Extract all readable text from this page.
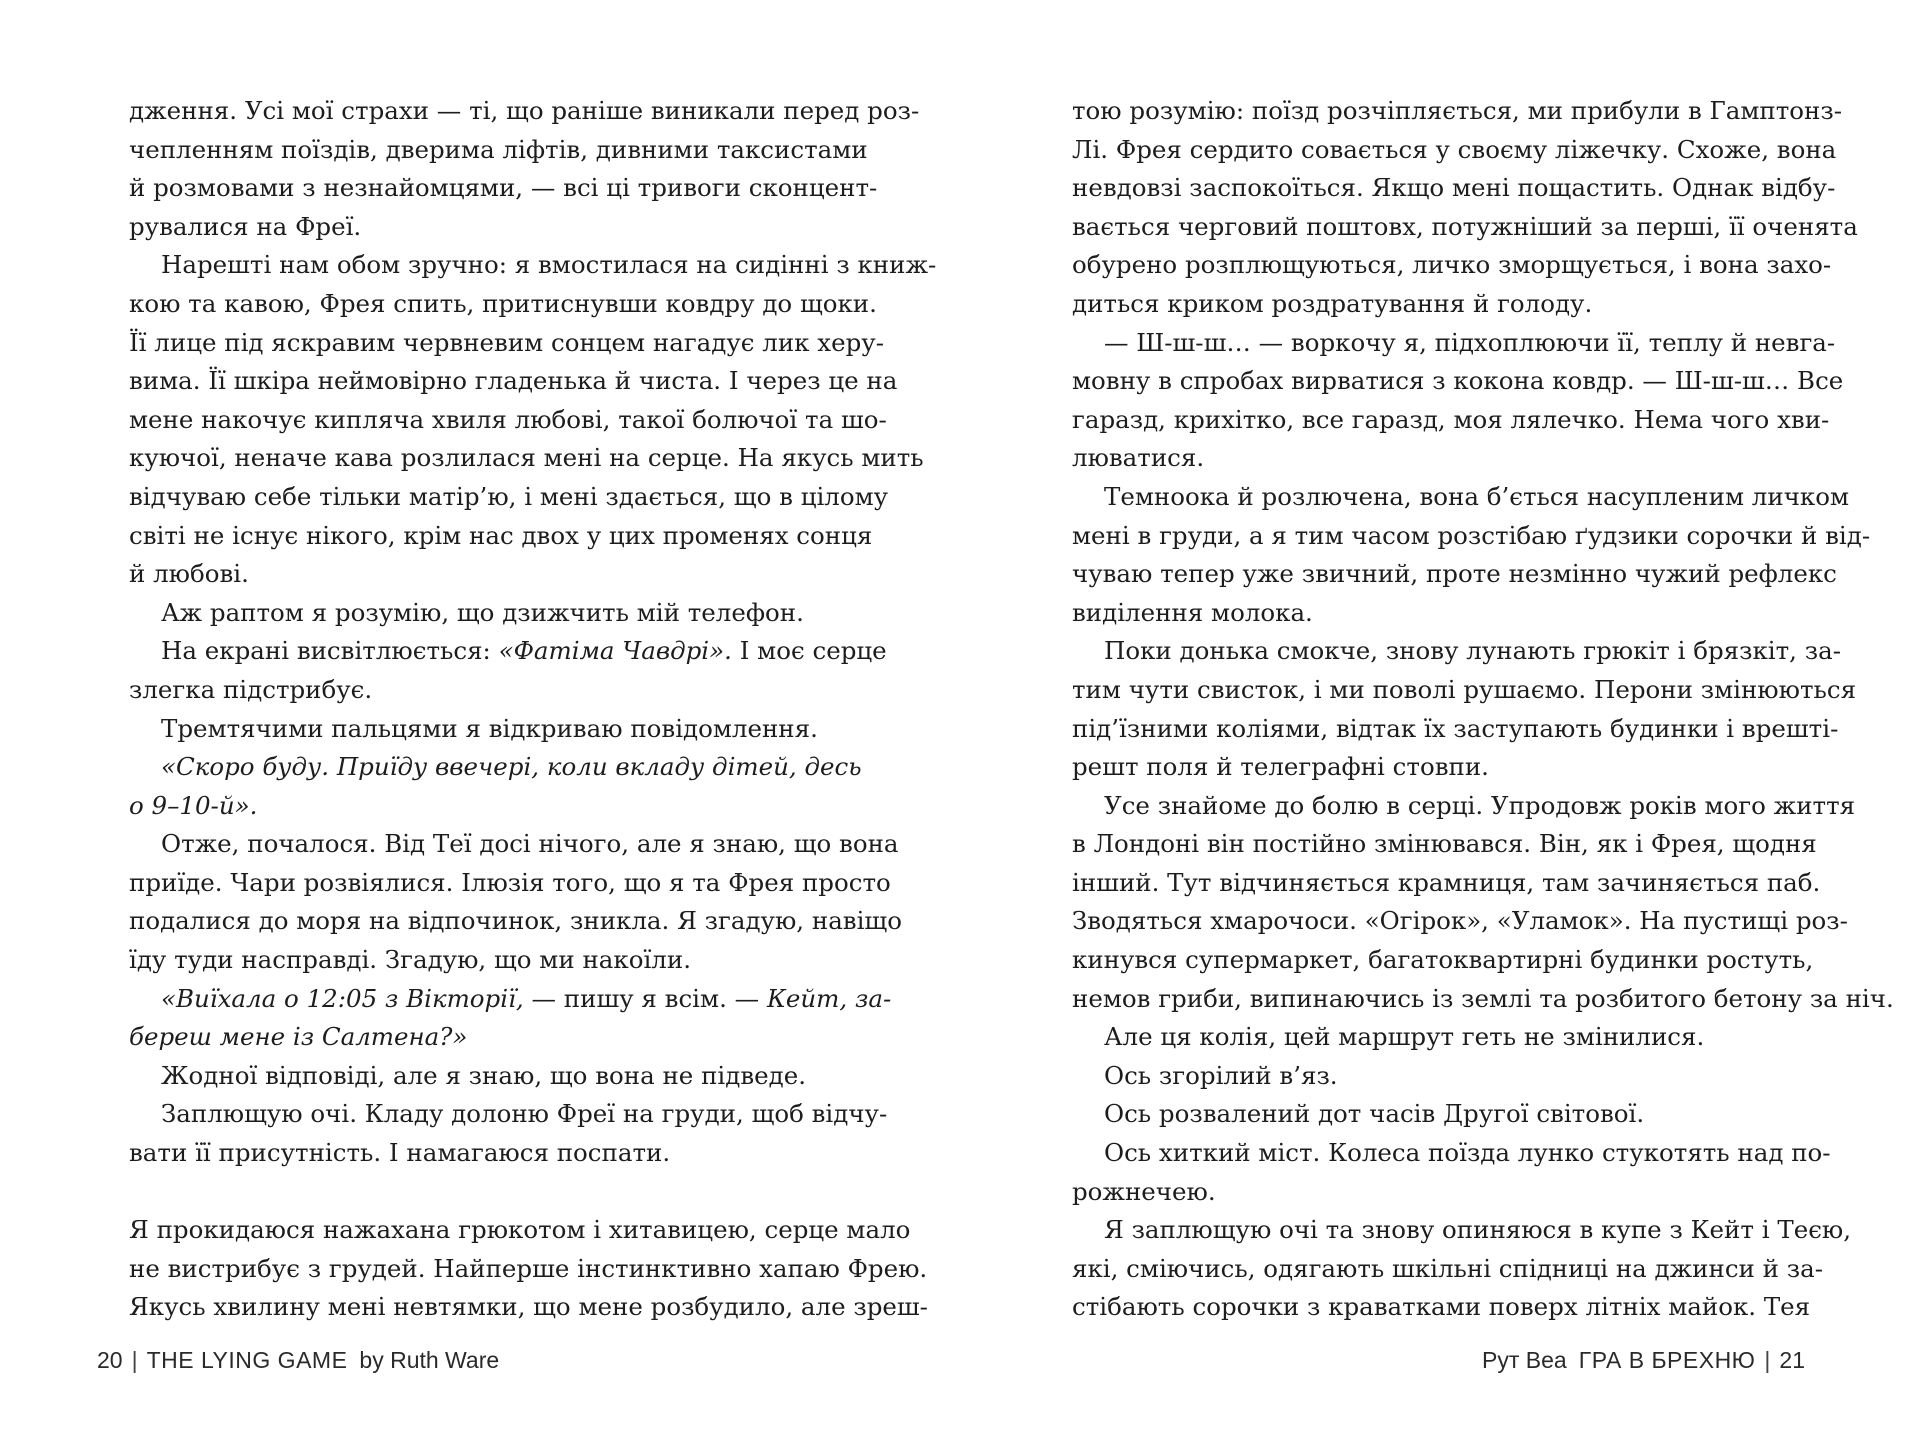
дження. Усі мої страхи — ті, що раніше виникали перед роз-
чепленням поїздів, дверима ліфтів, дивними таксистами
й розмовами з незнайомцями, — всі ці тривоги сконцент-
рувалися на Фреї.
Нарешті нам обом зручно: я вмостилася на сидінні з книж-
кою та кавою, Фрея спить, притиснувши ковдру до щоки.
Її лице під яскравим червневим сонцем нагадує лик херу-
вима. Її шкіра неймовірно гладенька й чиста. І через це на
мене накочує кипляча хвиля любові, такої болючої та шо-
куючої, неначе кава розлилася мені на серце. На якусь мить
відчуваю себе тільки матір’ю, і мені здається, що в цілому
світі не існує нікого, крім нас двох у цих променях сонця
й любові.
Аж раптом я розумію, що дзижчить мій телефон.
На екрані висвітлюється: «Фатіма Чавдрі». І моє серце
злегка підстрибує.
Тремтячими пальцями я відкриваю повідомлення.
«Скоро буду. Приїду ввечері, коли вкладу дітей, десь
о 9–10-й».
Отже, почалося. Від Теї досі нічого, але я знаю, що вона
приїде. Чари розвіялися. Ілюзія того, що я та Фрея просто
подалися до моря на відпочинок, зникла. Я згадую, навіщо
їду туди насправді. Згадую, що ми накоїли.
«Виїхала о 12:05 з Вікторії, — пишу я всім. — Кейт, за-
береш мене із Салтена?»
Жодної відповіді, але я знаю, що вона не підведе.
Заплющую очі. Кладу долоню Фреї на груди, щоб відчу-
вати її присутність. І намагаюся поспати.
Я прокидаюся нажахана грюкотом і хитавицею, серце мало
не вистрибує з грудей. Найперше інстинктивно хапаю Фрею.
Якусь хвилину мені невтямки, що мене розбудило, але зреш-
тою розумію: поїзд розчіпляється, ми прибули в Гамптонз-
Лі. Фрея сердито совається у своєму ліжечку. Схоже, вона
невдовзі заспокоїться. Якщо мені пощастить. Однак відбу-
вається черговий поштовх, потужніший за перші, її оченята
обурено розплющуються, личко зморщується, і вона захо-
диться криком роздратування й голоду.
— Ш-ш-ш… — воркочу я, підхоплюючи її, теплу й невга-
мовну в спробах вирватися з кокона ковдр. — Ш-ш-ш… Все
гаразд, крихітко, все гаразд, моя лялечко. Нема чого хви-
люватися.
Темноока й розлючена, вона б’ється насупленим личком
мені в груди, а я тим часом розстібаю ґудзики сорочки й від-
чуваю тепер уже звичний, проте незмінно чужий рефлекс
виділення молока.
Поки донька смокче, знову лунають грюкіт і брязкіт, за-
тим чути свисток, і ми поволі рушаємо. Перони змінюються
під’їзними коліями, відтак їх заступають будинки і врешті-
решт поля й телеграфні стовпи.
Усе знайоме до болю в серці. Упродовж років мого життя
в Лондоні він постійно змінювався. Він, як і Фрея, щодня
інший. Тут відчиняється крамниця, там зачиняється паб.
Зводяться хмарочоси. «Огірок», «Уламок». На пустищі роз-
кинувся супермаркет, багатоквартирні будинки ростуть,
немов гриби, випинаючись із землі та розбитого бетону за ніч.
Але ця колія, цей маршрут геть не змінилися.
Ось згорілий в’яз.
Ось розвалений дот часів Другої світової.
Ось хиткий міст. Колеса поїзда лунко стукотять над по-
рожнечею.
Я заплющую очі та знову опиняюся в купе з Кейт і Теєю,
які, сміючись, одягають шкільні спідниці на джинси й за-
стібають сорочки з краватками поверх літніх майок. Тея
20 | THE LYING GAME by Ruth Ware	Рут Веа ГРА В БРЕХНЮ | 21
